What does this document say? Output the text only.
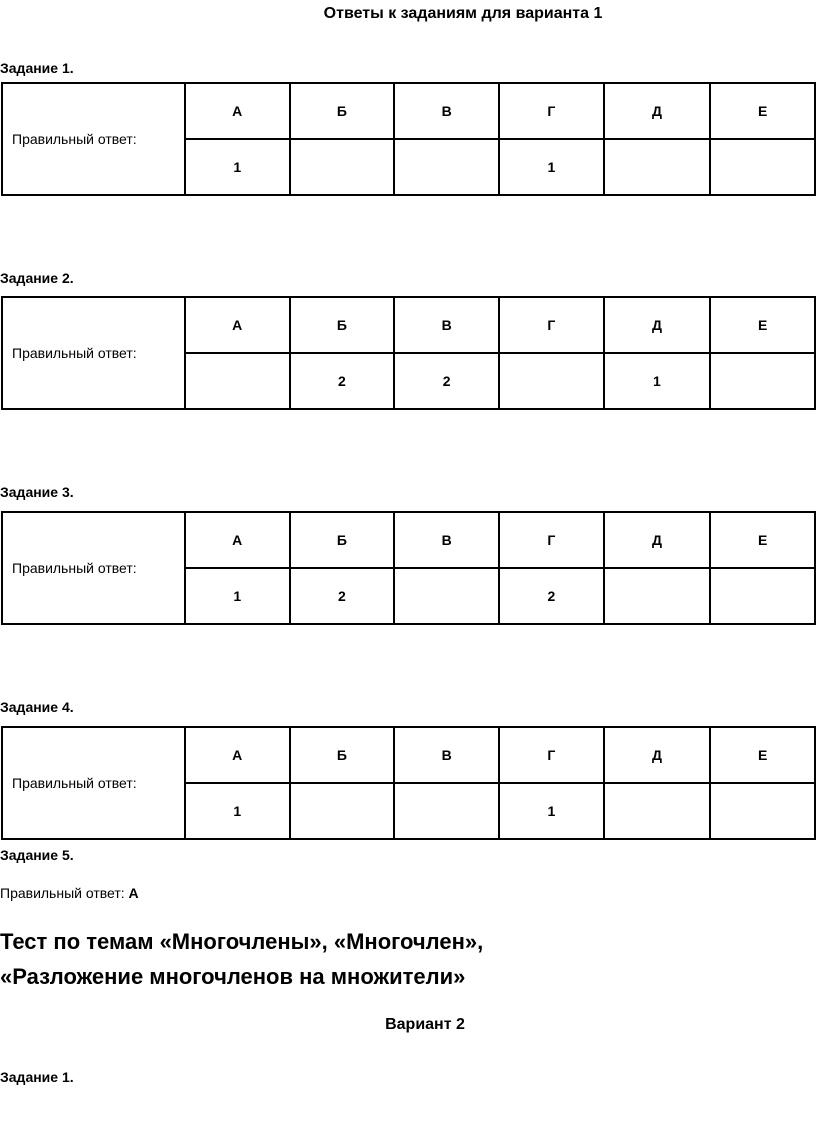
Ответы к заданиям для варианта 1
Задание 1.
Правильный ответ:	А	Б	В	Г	Д	Е
	1			1		
Задание 2.
Правильный ответ:	А	Б	В	Г	Д	Е
		2	2		1	
Задание 3.
Правильный ответ:	А	Б	В	Г	Д	Е
	1	2		2		
Задание 4.
Правильный ответ:	А	Б	В	Г	Д	Е
	1			1		
Задание 5.
Правильный ответ: А
Тест по темам «Многочлены», «Многочлен»,
«Разложение многочленов на множители»
Вариант 2
Задание 1.
